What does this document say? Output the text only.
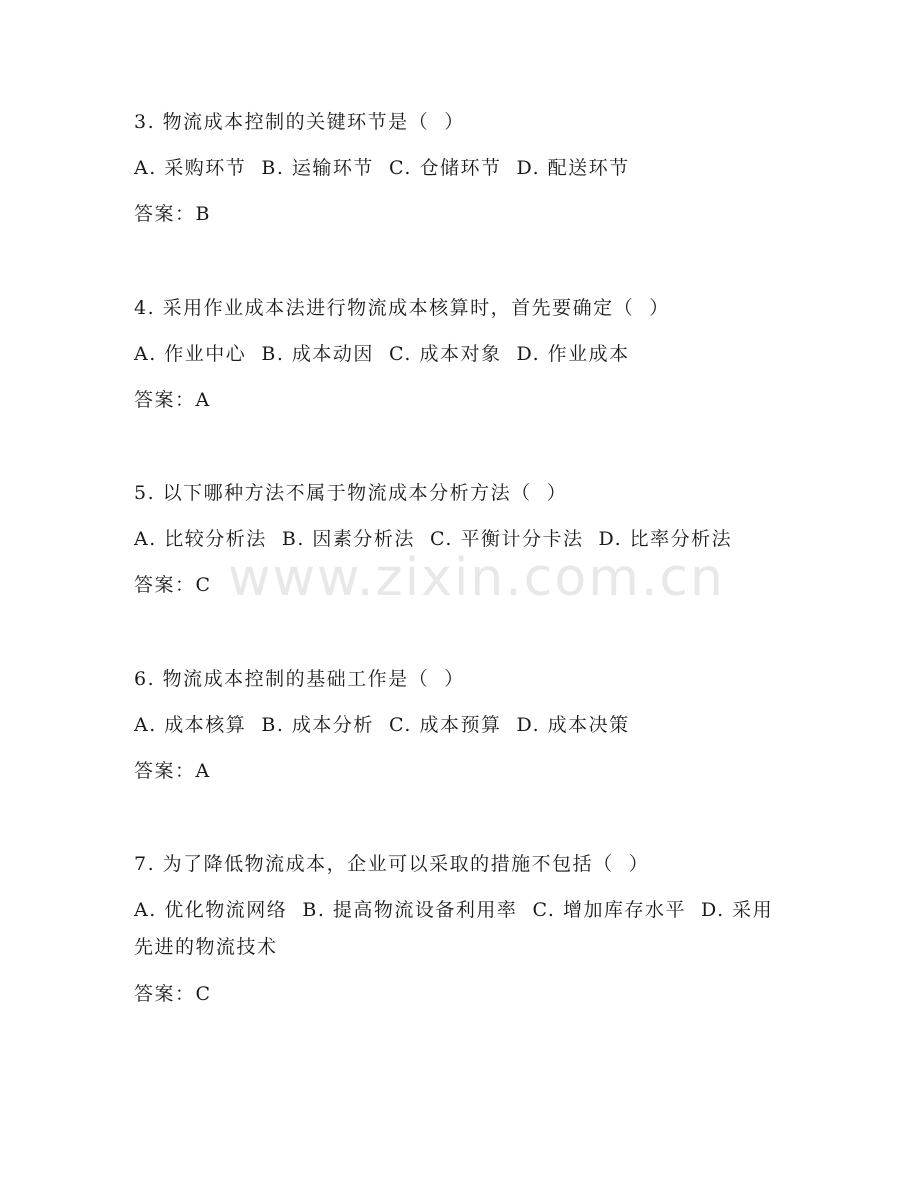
3. 物流成本控制的关键环节是（  ）
A. 采购环节  B. 运输环节  C. 仓储环节  D. 配送环节
答案：B
4. 采用作业成本法进行物流成本核算时，首先要确定（  ）
A. 作业中心  B. 成本动因  C. 成本对象  D. 作业成本
答案：A
5. 以下哪种方法不属于物流成本分析方法（  ）
A. 比较分析法  B. 因素分析法  C. 平衡计分卡法  D. 比率分析法
答案：C
6. 物流成本控制的基础工作是（  ）
A. 成本核算  B. 成本分析  C. 成本预算  D. 成本决策
答案：A
7. 为了降低物流成本，企业可以采取的措施不包括（  ）
A. 优化物流网络  B. 提高物流设备利用率  C. 增加库存水平  D. 采用先进的物流技术
答案：C
www.zixin.com.cn
